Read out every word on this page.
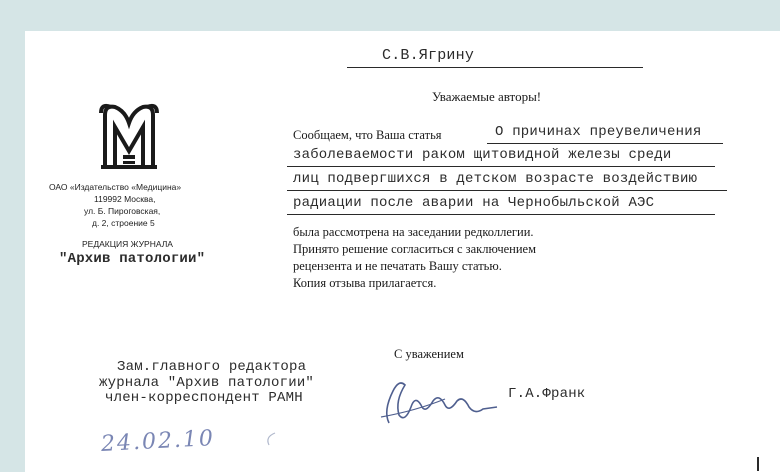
С.В.Ягрину
Уважаемые авторы!
ОАО «Издательство «Медицина»
119992 Москва,
ул. Б. Пироговская,
д. 2, строение 5
РЕДАКЦИЯ ЖУРНАЛА
"Архив патологии"
Сообщаем, что Ваша статья	О причинах преувеличения
заболеваемости раком щитовидной железы среди
лиц подвергшихся в детском возрасте воздействию
радиации после аварии на Чернобыльской АЭС
была рассмотрена на заседании редколлегии.
Принято решение согласиться с заключением
рецензента и не печатать Вашу статью.
Копия отзыва прилагается.
С уважением
Зам.главного редактора
журнала "Архив патологии"
член-корреспондент РАМН	Г.А.Франк
24.02.10
